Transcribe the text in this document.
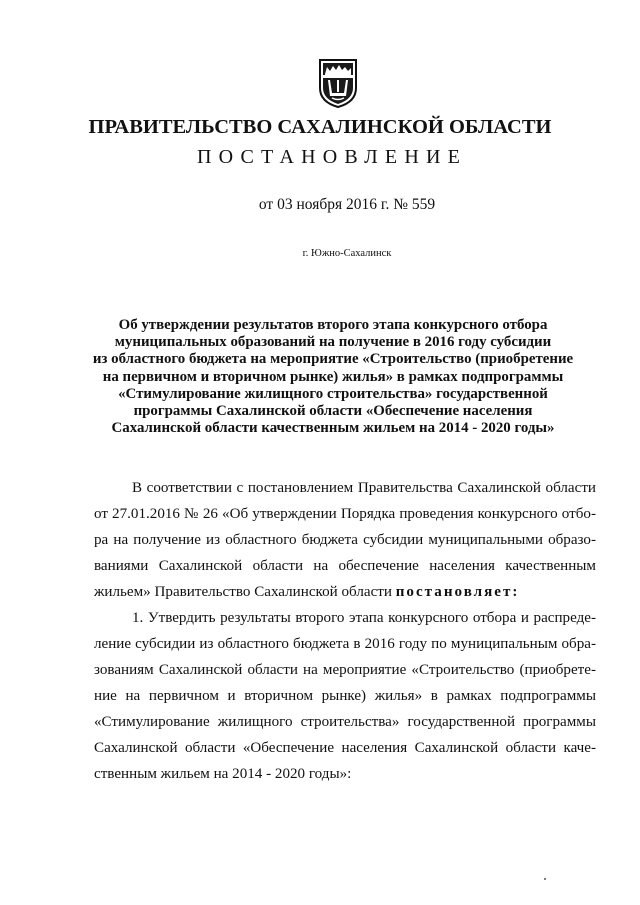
ПРАВИТЕЛЬСТВО САХАЛИНСКОЙ ОБЛАСТИ
ПОСТАНОВЛЕНИЕ
от 03 ноября 2016 г. № 559
г. Южно-Сахалинск
Об утверждении результатов второго этапа конкурсного отбора
муниципальных образований на получение в 2016 году субсидии
из областного бюджета на мероприятие «Строительство (приобретение
на первичном и вторичном рынке) жилья» в рамках подпрограммы
«Стимулирование жилищного строительства» государственной
программы Сахалинской области «Обеспечение населения
Сахалинской области качественным жильем на 2014 - 2020 годы»
В соответствии с постановлением Правительства Сахалинской области
от 27.01.2016 № 26 «Об утверждении Порядка проведения конкурсного отбо-
ра на получение из областного бюджета субсидии муниципальными образо-
ваниями Сахалинской области на обеспечение населения качественным
жильем» Правительство Сахалинской области постановляет:
1. Утвердить результаты второго этапа конкурсного отбора и распреде-
ление субсидии из областного бюджета в 2016 году по муниципальным обра-
зованиям Сахалинской области на мероприятие «Строительство (приобрете-
ние на первичном и вторичном рынке) жилья» в рамках подпрограммы
«Стимулирование жилищного строительства» государственной программы
Сахалинской области «Обеспечение населения Сахалинской области каче-
ственным жильем на 2014 - 2020 годы»:
